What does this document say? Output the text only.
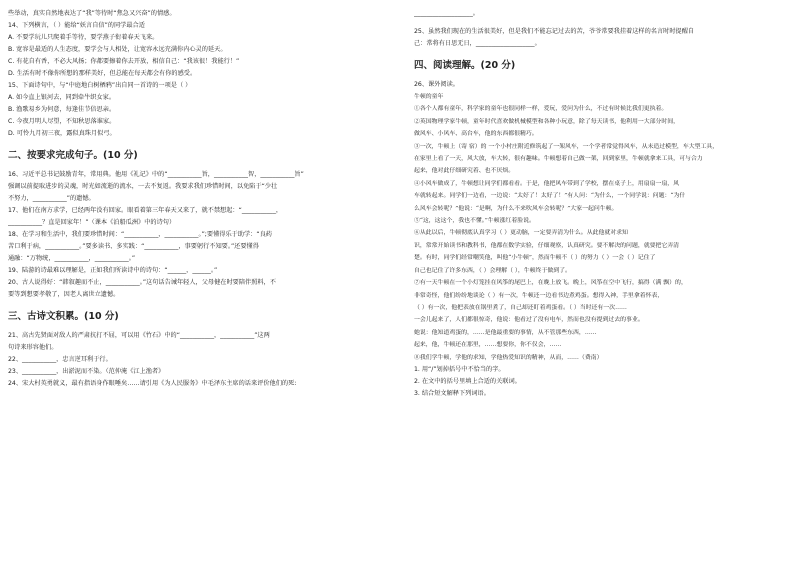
些举动，真实自然地表达了“我”等待时“焦急又兴奋”的情感。
14、下列横言，（ ）能给“妖言自信”的同学最合适
A. 不要学玩儿只爬着手等待，要学燕子衔着春天飞来。
B. 宽容是最适的人生态度，要学会与人相处，让宽容永远充满你内心灵的延天。
C. 有花自有香，不必大风扬；你都要擦着你去开放，相信自己：“我该很！我能行！”
D. 生活有时不像你所想的那样美好，但总能在每天都会有你的感受。
15、下面诗句中，与“中庭地白树栖鸦”出自同一首诗的一项是（ ）
A. 如今直上银河去，同到牵牛织女家。
B. 渔歌易乡为何意，每逢佳节倍思亲。
C. 今夜月明人尽望，不知秋思落谁家。
D. 可怜九月初三夜，露似真珠月似弓。
二、按要求完成句子。(10 分)
16、习近平总书记鼓励青年，常用典。他用《礼记》中的“___________旨，___________智，___________旨”
强调以前提取进步的灵魂，时光如流逝的流水，一去不复返。我要求我们珍惜时间，以免陷于“少壮
不努力，___________”的遗憾。
17、他们在南方求学，已经两年没有回家。眼看着第三年春天又来了，就不禁想起：“___________，
___________？直是回家年！”（课本《泊船瓜洲》中的诗句）
18、在学习和生活中，我们要珍惜时间：“___________，___________。”;要懂得乐于助学：“良药
苦口利于病，___________。”要多读书、多实践：“___________，事要躬行不知要。”还要懂得
通融：“万物统，___________，___________。”
19、陆游的诗最难以理解是，正如我们所读诗中的诗句：“______，______。”
20、古人说得好：“韩叙趣而不止，___________。”这句话告诫年轻人，父母健在时要陪伴照料，不
要等到想要孝敬了，因老人离世立遗憾。
三、古诗文积累。(10 分)
21、高古先贤面对敌人的严肃抗打不屈，可以用《竹石》中的“___________，___________”这两
句诗来形容他们。
22、___________，忠言逆耳利于行。
23、___________，出淤泥而不染。（范仲淹《江上渔者》
24、宋大村英勇就义，最有指语身作眼唾矣……请引用《为人民服务》中毛泽东主席的话来评价他们的死:
___________________。
25、虽然我们现在的生活很美好，但是我们不能忘记过去的苦，爷爷常要我挂着这样的名言时时提醒自
己：常将有日思无日，___________________。
四、阅读理解。(20 分)
26、课外阅读。
牛顿的童年
①各个人都有童年，科学家的童年也很同样一样，爱玩，爱问为什么，不过有时候比我们更执着。
②英国物理学家牛顿，童年时代喜欢做机械模型和各种小玩意，除了每天读书，他利用一大部分时间，
做风车、小风车、高台车，他的东西都很精巧。
③一次，牛顿上（寄 宿）的 一个小村庄附近修筑起了一架风车，一个学者常觉得风车，从未造过模型，车大型工具，
在家里上看了一天，风大放，车大转，很有趣味。牛顿想着自己做一架，回到家里，牛顿就拿来工具，可与合力
起来，他对此仔细研究着、也不厌烦。
④小风车做成了，牛顿想让同学们都看看。于是，他把风车带到了学校，摆在桌子上，用扇扇一扇，风
车就转起来。同学们一边看，一边说：“太好了！太好了！”有人问：“为什么，一个同学说：问题：“为什
么风车会转呢？”他说：“是啊，为什么不来吹风车会转呢？”大家一起问牛顿。
⑤“这，这这个，我也不懂。”牛顿涨红着脸说。
⑥从此以后，牛顿彻底认真学习（ ）更动脑，一定要弄清为什么。从此他就对求知
识，常常开始读书和教科书，他都在数学实验，仔细观察，认真研究。要不解决的问题，就要把它弄清
楚。有时，同学们经常嘲笑他，叫他“小牛顿”，然而牛顿不（ ）的努力（ ）一会（ ）记住了
自己也记住了许多东西，（ ）会理解（ ），牛顿终于做到了。
⑦有一天牛顿在一个小灯笼挂在风筝的尾巴上，在晚上放飞。晚上，风筝在空中飞行，搞得（满 飘）的，
非常奇怪，他们纷纷地谈论（ ）有一次，牛顿还一边看书边煮鸡蛋。想得入神，手里拿着怀表，
（ ）有一次，他把表放在锅里煮了，自己却还盯着鸡蛋看。（ ）当时还有一次……
一会儿起来了，人们都很惊奇，他说：他看过了没有电车，然而也没有提到过去的事业。
她说：他知道鸡蛋的，……是他最重要的事情，从不管那些东西，……
起来，他，牛顿还在那里，……想要你，你不仅会，……
⑧我们学牛顿，学他的求知，学他热爱知识的精神，从而，……（费南）
1. 用“/”划掉括号中不恰当的字。
2. 在文中的括号里填上合适的关联词。
3. 结合短文解释下列词语。
